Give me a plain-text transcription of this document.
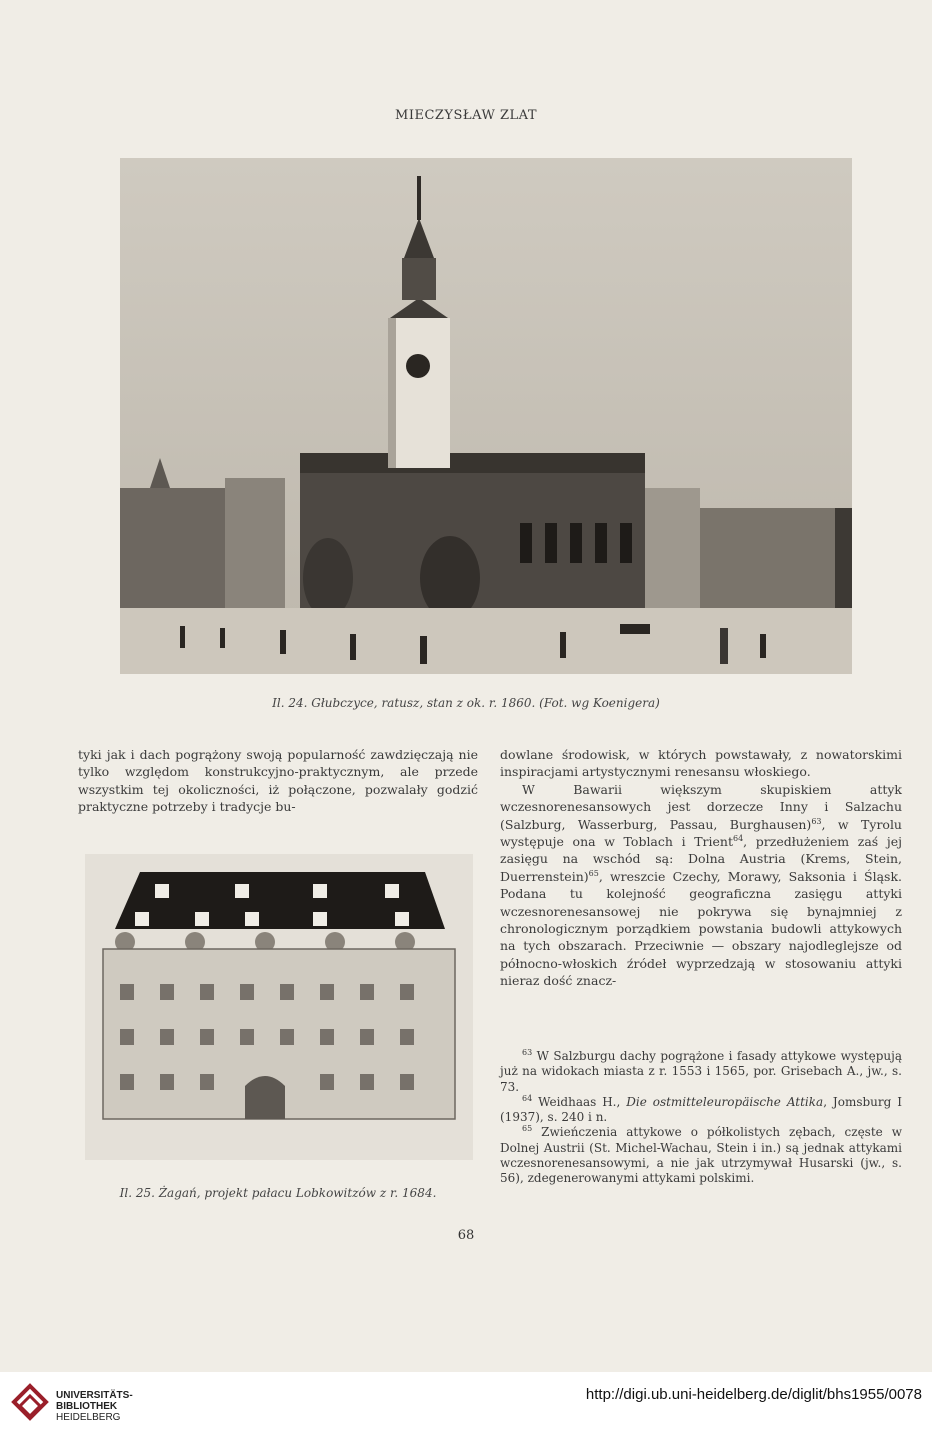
MIECZYSŁAW ZLAT
Il. 24. Głubczyce, ratusz, stan z ok. r. 1860. (Fot. wg Koenigera)

tyki jak i dach pogrążony swoją popularność zawdzięczają nie tylko względom konstrukcyjno-praktycznym, ale przede wszystkim tej okoliczności, iż połączone, pozwalały godzić praktyczne potrzeby i tradycje bu-

dowlane środowisk, w których powstawały, z nowatorskimi inspiracjami artystycznymi renesansu włoskiego.

W Bawarii większym skupiskiem attyk wczesnorenesansowych jest dorzecze Inny i Salzachu (Salzburg, Wasserburg, Passau, Burghausen)$^{63}$, w Tyrolu występuje ona w Toblach i Trient$^{64}$, przedłużeniem zaś jej zasięgu na wschód są: Dolna Austria (Krems, Stein, Duerrenstein)$^{65}$, wreszcie Czechy, Morawy, Saksonia i Śląsk. Podana tu kolejność geograficzna zasięgu attyki wczesnorenesansowej nie pokrywa się bynajmniej z chronologicznym porządkiem powstania budowli attykowych na tych obszarach. Przeciwnie — obszary najodleglejsze od północno-włoskich źródeł wyprzedzają w stosowaniu attyki nieraz dość znacz-

$^{63}$ W Salzburgu dachy pogrążone i fasady attykowe występują już na widokach miasta z r. 1553 i 1565, por. Grisebach A., jw., s. 73.

$^{64}$ Weidhaas H., Die ostmitteleuropäische Attika, Jomsburg I (1937), s. 240 i n.

$^{65}$ Zwieńczenia attykowe o półkolistych zębach, częste w Dolnej Austrii (St. Michel-Wachau, Stein i in.) są jednak attykami wczesnorenesansowymi, a nie jak utrzymywał Husarski (jw., s. 56), zdegenerowanymi attykami polskimi.

Il. 25. Żagań, projekt pałacu Lobkowitzów z r. 1684.
68
UNIVERSITÄTS-
BIBLIOTHEK
HEIDELBERG
http://digi.ub.uni-heidelberg.de/diglit/bhs1955/0078
